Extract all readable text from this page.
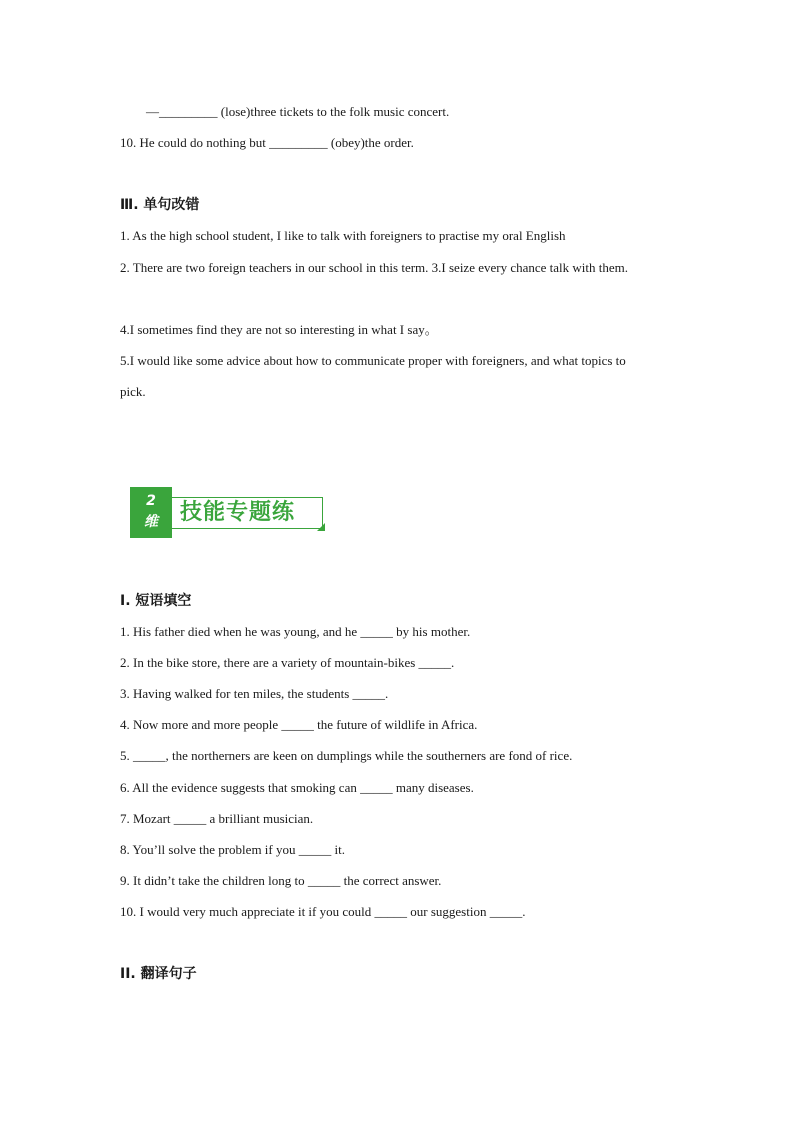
—_________ (lose)three tickets to the folk music concert.
10. He could do nothing but _________ (obey)the order.
Ⅲ. 单句改错
1. As the high school student, I like to talk with foreigners to practise my oral English
2. There are two foreign teachers in our school in this term. 3.I seize every chance talk with them.
4.I sometimes find they are not so interesting in what I say。
5.I would like some advice about how to communicate proper with foreigners, and what topics to
pick.
2
维	技能专题练
I. 短语填空
1. His father died when he was young, and he _____ by his mother.
2. In the bike store, there are a variety of mountain-bikes _____.
3. Having walked for ten miles, the students _____.
4. Now more and more people _____ the future of wildlife in Africa.
5. _____, the northerners are keen on dumplings while the southerners are fond of rice.
6. All the evidence suggests that smoking can _____ many diseases.
7. Mozart _____ a brilliant musician.
8. You’ll solve the problem if you _____ it.
9. It didn’t take the children long to _____ the correct answer.
10. I would very much appreciate it if you could _____ our suggestion _____.
II. 翻译句子
